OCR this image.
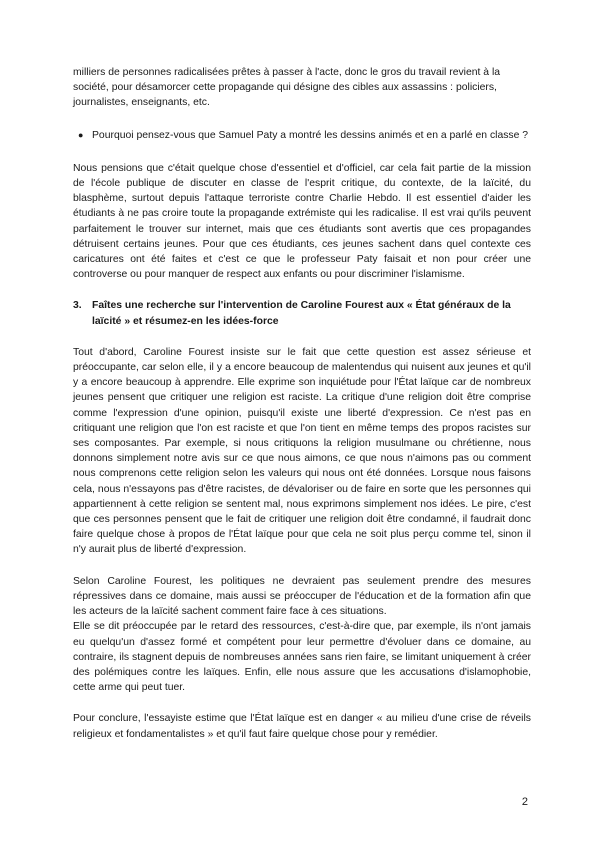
milliers de personnes radicalisées prêtes à passer à l'acte, donc le gros du travail revient à la société, pour désamorcer cette propagande qui désigne des cibles aux assassins : policiers, journalistes, enseignants, etc.

● Pourquoi pensez-vous que Samuel Paty a montré les dessins animés et en a parlé en classe ?

Nous pensions que c'était quelque chose d'essentiel et d'officiel, car cela fait partie de la mission de l'école publique de discuter en classe de l'esprit critique, du contexte, de la laïcité, du blasphème, surtout depuis l'attaque terroriste contre Charlie Hebdo. Il est essentiel d'aider les étudiants à ne pas croire toute la propagande extrémiste qui les radicalise. Il est vrai qu'ils peuvent parfaitement le trouver sur internet, mais que ces étudiants sont avertis que ces propagandes détruisent certains jeunes. Pour que ces étudiants, ces jeunes sachent dans quel contexte ces caricatures ont été faites et c'est ce que le professeur Paty faisait et non pour créer une controverse ou pour manquer de respect aux enfants ou pour discriminer l'islamisme.

3. Faîtes une recherche sur l'intervention de Caroline Fourest aux « État généraux de la laïcité » et résumez-en les idées-force

Tout d'abord, Caroline Fourest insiste sur le fait que cette question est assez sérieuse et préoccupante, car selon elle, il y a encore beaucoup de malentendus qui nuisent aux jeunes et qu'il y a encore beaucoup à apprendre. Elle exprime son inquiétude pour l'État laïque car de nombreux jeunes pensent que critiquer une religion est raciste. La critique d'une religion doit être comprise comme l'expression d'une opinion, puisqu'il existe une liberté d'expression. Ce n'est pas en critiquant une religion que l'on est raciste et que l'on tient en même temps des propos racistes sur ses composantes. Par exemple, si nous critiquons la religion musulmane ou chrétienne, nous donnons simplement notre avis sur ce que nous aimons, ce que nous n'aimons pas ou comment nous comprenons cette religion selon les valeurs qui nous ont été données. Lorsque nous faisons cela, nous n'essayons pas d'être racistes, de dévaloriser ou de faire en sorte que les personnes qui appartiennent à cette religion se sentent mal, nous exprimons simplement nos idées. Le pire, c'est que ces personnes pensent que le fait de critiquer une religion doit être condamné, il faudrait donc faire quelque chose à propos de l'État laïque pour que cela ne soit plus perçu comme tel, sinon il n'y aurait plus de liberté d'expression.

Selon Caroline Fourest, les politiques ne devraient pas seulement prendre des mesures répressives dans ce domaine, mais aussi se préoccuper de l'éducation et de la formation afin que les acteurs de la laïcité sachent comment faire face à ces situations.

Elle se dit préoccupée par le retard des ressources, c'est-à-dire que, par exemple, ils n'ont jamais eu quelqu'un d'assez formé et compétent pour leur permettre d'évoluer dans ce domaine, au contraire, ils stagnent depuis de nombreuses années sans rien faire, se limitant uniquement à créer des polémiques contre les laïques. Enfin, elle nous assure que les accusations d'islamophobie, cette arme qui peut tuer.

Pour conclure, l'essayiste estime que l'État laïque est en danger « au milieu d'une crise de réveils religieux et fondamentalistes » et qu'il faut faire quelque chose pour y remédier.

2
